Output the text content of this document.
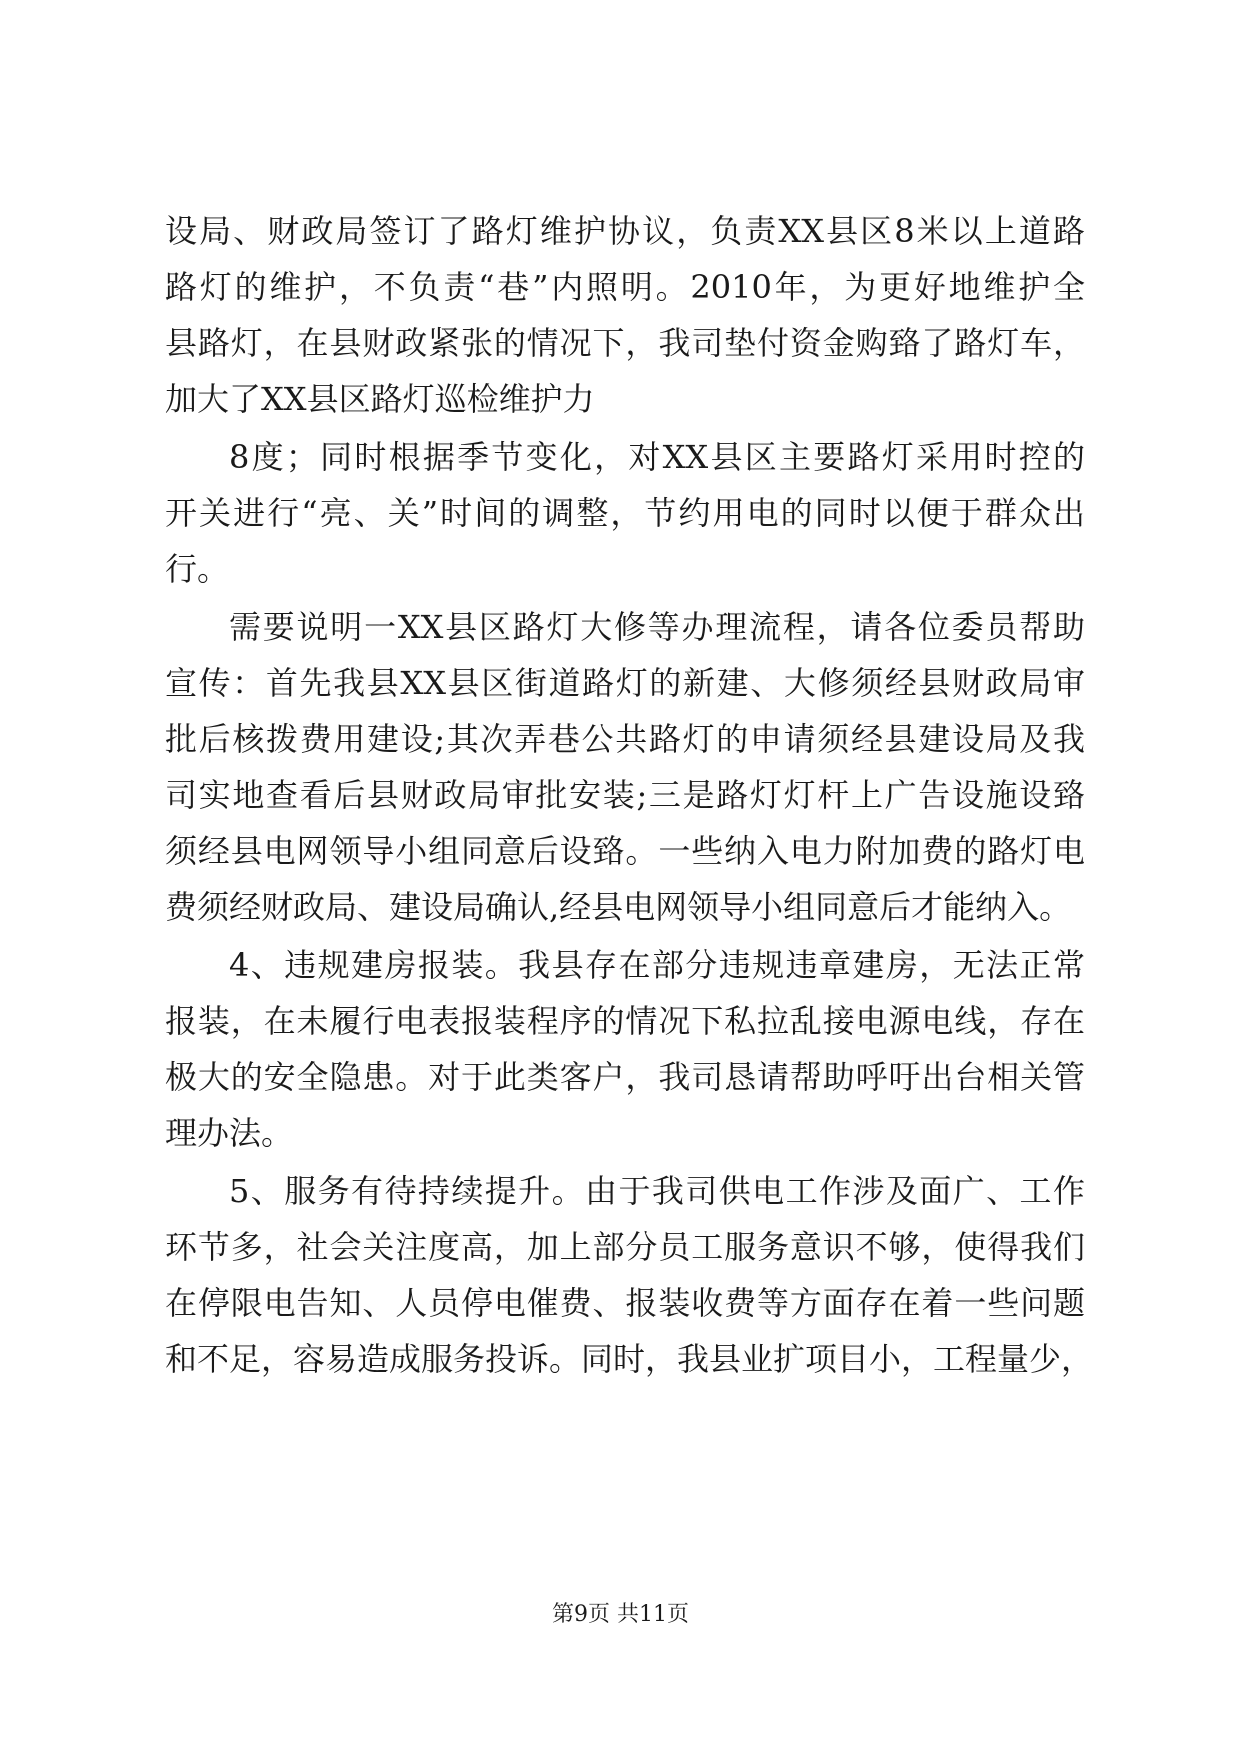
设局、财政局签订了路灯维护协议，负责XX县区8米以上道路
路灯的维护，不负责“巷”内照明。2010年，为更好地维护全
县路灯，在县财政紧张的情况下，我司垫付资金购臵了路灯车，
加大了XX县区路灯巡检维护力
8度；同时根据季节变化，对XX县区主要路灯采用时控的
开关进行“亮、关”时间的调整，节约用电的同时以便于群众出
行。
需要说明一XX县区路灯大修等办理流程，请各位委员帮助
宣传：首先我县XX县区街道路灯的新建、大修须经县财政局审
批后核拨费用建设;其次弄巷公共路灯的申请须经县建设局及我
司实地查看后县财政局审批安装;三是路灯灯杆上广告设施设臵
须经县电网领导小组同意后设臵。一些纳入电力附加费的路灯电
费须经财政局、建设局确认,经县电网领导小组同意后才能纳入。
4、违规建房报装。我县存在部分违规违章建房，无法正常
报装，在未履行电表报装程序的情况下私拉乱接电源电线，存在
极大的安全隐患。对于此类客户，我司恳请帮助呼吁出台相关管
理办法。
5、服务有待持续提升。由于我司供电工作涉及面广、工作
环节多，社会关注度高，加上部分员工服务意识不够，使得我们
在停限电告知、人员停电催费、报装收费等方面存在着一些问题
和不足，容易造成服务投诉。同时，我县业扩项目小，工程量少，
第9页 共11页
